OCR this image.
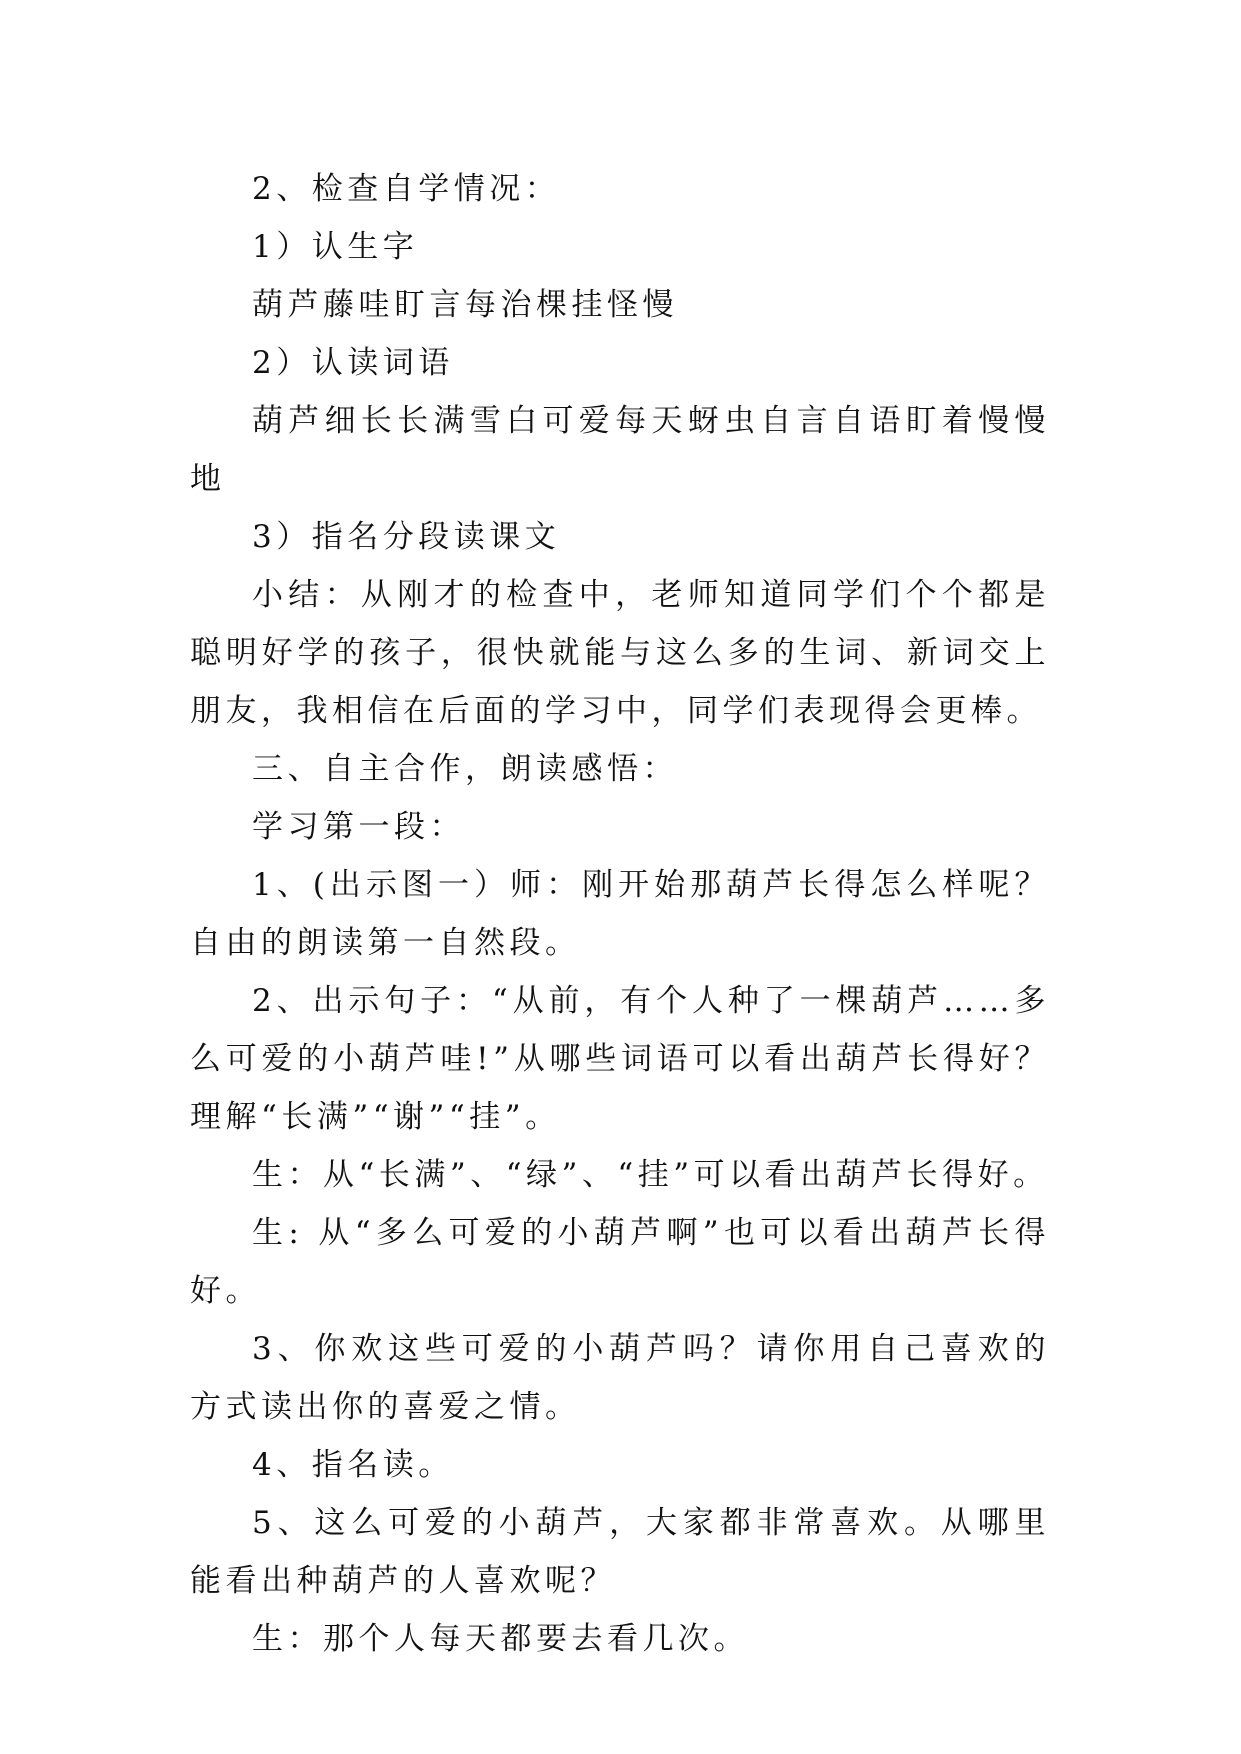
2、检查自学情况：

1）认生字

葫芦藤哇盯言每治棵挂怪慢

2）认读词语

葫芦细长长满雪白可爱每天蚜虫自言自语盯着慢慢地

3）指名分段读课文

小结：从刚才的检查中，老师知道同学们个个都是聪明好学的孩子，很快就能与这么多的生词、新词交上朋友，我相信在后面的学习中，同学们表现得会更棒。

三、自主合作，朗读感悟：

学习第一段：

1、(出示图一）师：刚开始那葫芦长得怎么样呢？自由的朗读第一自然段。

2、出示句子：“从前，有个人种了一棵葫芦……多么可爱的小葫芦哇!”从哪些词语可以看出葫芦长得好？理解“长满”“谢”“挂”。

生：从“长满”、“绿”、“挂”可以看出葫芦长得好。

生: 从“多么可爱的小葫芦啊”也可以看出葫芦长得好。

3、你欢这些可爱的小葫芦吗？请你用自己喜欢的方式读出你的喜爱之情。

4、指名读。

5、这么可爱的小葫芦，大家都非常喜欢。从哪里能看出种葫芦的人喜欢呢？

生：那个人每天都要去看几次。
